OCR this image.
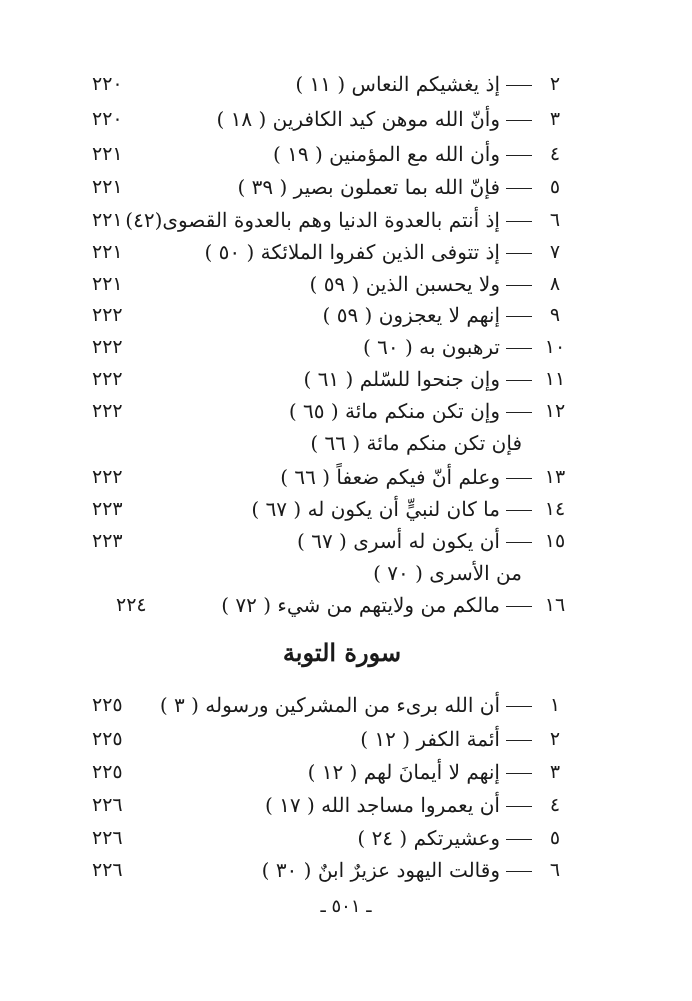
٢
إذ يغشيكم النعاس ( ١١ )
٢٢٠
٣
وأنّ الله موهن كيد الكافرين ( ١٨ )
٢٢٠
٤
وأن الله مع المؤمنين ( ١٩ )
٢٢١
٥
فإنّ الله بما تعملون بصير ( ٣٩ )
٢٢١
٦
إذ أنتم بالعدوة الدنيا وهم بالعدوة القصوى(٤٢)
٢٢١
٧
إذ تتوفى الذين كفروا الملائكة ( ٥٠ )
٢٢١
٨
ولا يحسبن الذين ( ٥٩ )
٢٢١
٩
إنهم لا يعجزون ( ٥٩ )
٢٢٢
١٠
ترهبون به ( ٦٠ )
٢٢٢
١١
وإن جنحوا للسّلم ( ٦١ )
٢٢٢
١٢
وإن تكن منكم مائة ( ٦٥ )
٢٢٢
فإن تكن منكم مائة ( ٦٦ )
١٣
وعلم أنّ فيكم ضعفاً ( ٦٦ )
٢٢٢
١٤
ما كان لنبيٍّ أن يكون له ( ٦٧ )
٢٢٣
١٥
أن يكون له أسرى ( ٦٧ )
٢٢٣
من الأسرى ( ٧٠ )
١٦
مالكم من ولايتهم من شيء ( ٧٢ )
٢٢٤
سورة التوبة
١
أن الله برىء من المشركين ورسوله ( ٣ )
٢٢٥
٢
أئمة الكفر ( ١٢ )
٢٢٥
٣
إنهم لا أيمانَ لهم ( ١٢ )
٢٢٥
٤
أن يعمروا مساجد الله ( ١٧ )
٢٢٦
٥
وعشيرتكم ( ٢٤ )
٢٢٦
٦
وقالت اليهود عزيرٌ ابنٌ ( ٣٠ )
٢٢٦
ـ ٥٠١ ـ
